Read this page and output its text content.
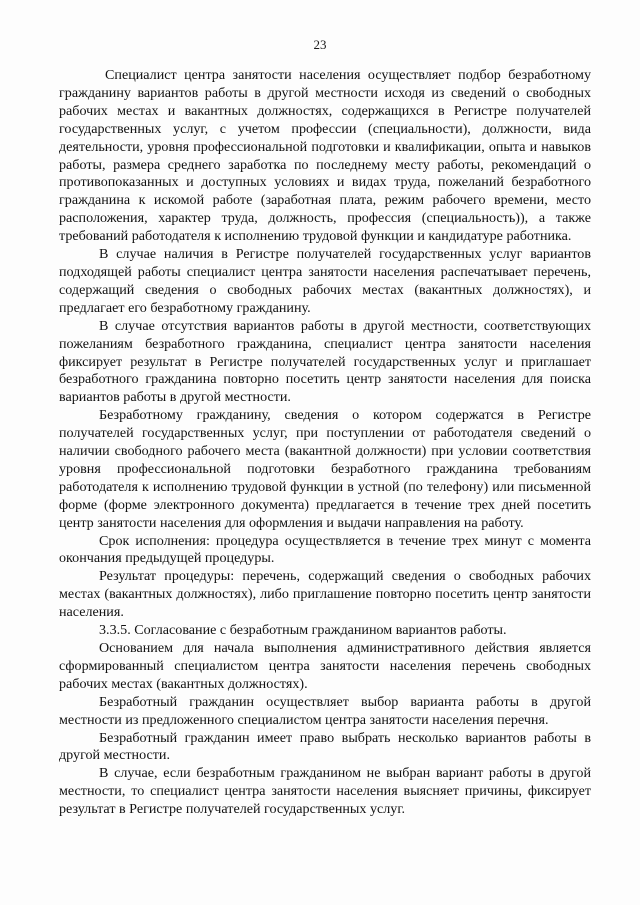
23

Специалист центра занятости населения осуществляет подбор безработному гражданину вариантов работы в другой местности исходя из сведений о свободных рабочих местах и вакантных должностях, содержащихся в Регистре получателей государственных услуг, с учетом профессии (специальности), должности, вида деятельности, уровня профессиональной подготовки и квалификации, опыта и навыков работы, размера среднего заработка по последнему месту работы, рекомендаций о противопоказанных и доступных условиях и видах труда, пожеланий безработного гражданина к искомой работе (заработная плата, режим рабочего времени, место расположения, характер труда, должность, профессия (специальность)), а также требований работодателя к исполнению трудовой функции и кандидатуре работника.

В случае наличия в Регистре получателей государственных услуг вариантов подходящей работы специалист центра занятости населения распечатывает перечень, содержащий сведения о свободных рабочих местах (вакантных должностях), и предлагает его безработному гражданину.

В случае отсутствия вариантов работы в другой местности, соответствующих пожеланиям безработного гражданина, специалист центра занятости населения фиксирует результат в Регистре получателей государственных услуг и приглашает безработного гражданина повторно посетить центр занятости населения для поиска вариантов работы в другой местности.

Безработному гражданину, сведения о котором содержатся в Регистре получателей государственных услуг, при поступлении от работодателя сведений о наличии свободного рабочего места (вакантной должности) при условии соответствия уровня профессиональной подготовки безработного гражданина требованиям работодателя к исполнению трудовой функции в устной (по телефону) или письменной форме (форме электронного документа) предлагается в течение трех дней посетить центр занятости населения для оформления и выдачи направления на работу.

Срок исполнения: процедура осуществляется в течение трех минут с момента окончания предыдущей процедуры.

Результат процедуры: перечень, содержащий сведения о свободных рабочих местах (вакантных должностях), либо приглашение повторно посетить центр занятости населения.

3.3.5. Согласование с безработным гражданином вариантов работы.

Основанием для начала выполнения административного действия является сформированный специалистом центра занятости населения перечень свободных рабочих местах (вакантных должностях).

Безработный гражданин осуществляет выбор варианта работы в другой местности из предложенного специалистом центра занятости населения перечня.

Безработный гражданин имеет право выбрать несколько вариантов работы в другой местности.

В случае, если безработным гражданином не выбран вариант работы в другой местности, то специалист центра занятости населения выясняет причины, фиксирует результат в Регистре получателей государственных услуг.
